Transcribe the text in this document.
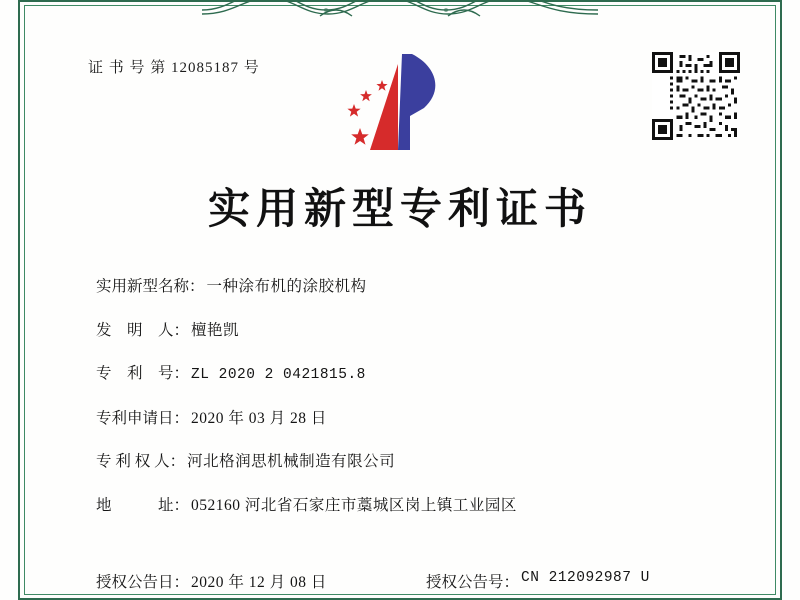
证 书 号 第 12085187 号
实用新型专利证书
实用新型名称 ： 一种涂布机的涂胶机构
发　明　人 ： 檀艳凯
专　利　号 ： ZL 2020 2 0421815.8
专利申请日 ： 2020 年 03 月 28 日
专 利 权 人 ： 河北格润思机械制造有限公司
地　　　址 ： 052160 河北省石家庄市藁城区岗上镇工业园区
授权公告日 ： 2020 年 12 月 08 日	授权公告号 ： CN 212092987 U
